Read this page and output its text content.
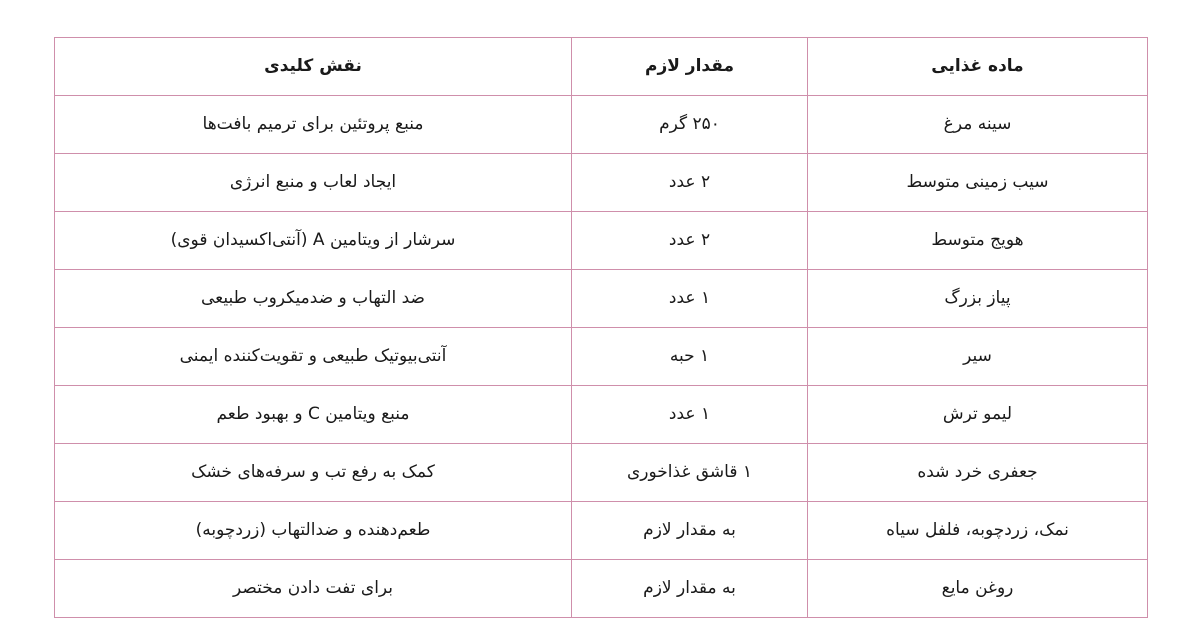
ماده غذایی	مقدار لازم	نقش کلیدی
سینه مرغ	۲۵۰ گرم	منبع پروتئین برای ترمیم بافت‌ها
سیب زمینی متوسط	۲ عدد	ایجاد لعاب و منبع انرژی
هویج متوسط	۲ عدد	سرشار از ویتامین A (آنتی‌اکسیدان قوی)
پیاز بزرگ	۱ عدد	ضد التهاب و ضدمیکروب طبیعی
سیر	۱ حبه	آنتی‌بیوتیک طبیعی و تقویت‌کننده ایمنی
لیمو ترش	۱ عدد	منبع ویتامین C و بهبود طعم
جعفری خرد شده	۱ قاشق غذاخوری	کمک به رفع تب و سرفه‌های خشک
نمک، زردچوبه، فلفل سیاه	به مقدار لازم	طعم‌دهنده و ضدالتهاب (زردچوبه)
روغن مایع	به مقدار لازم	برای تفت دادن مختصر
